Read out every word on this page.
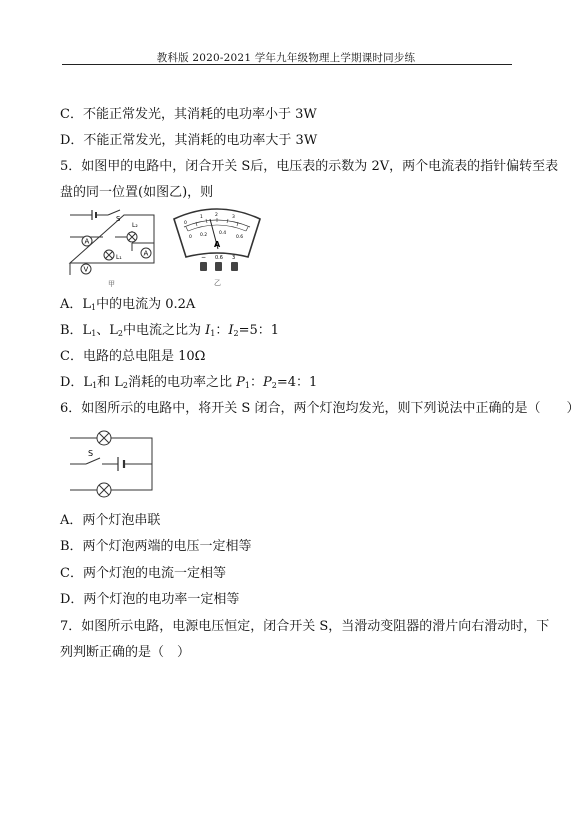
教科版 2020-2021 学年九年级物理上学期课时同步练
C．不能正常发光，其消耗的电功率小于 3W
D．不能正常发光，其消耗的电功率大于 3W
5．如图甲的电路中，闭合开关 S后，电压表的示数为 2V，两个电流表的指针偏转至表
盘的同一位置(如图乙)，则
S
A
L₁
L₂
A
V
甲
0
1	2	3
0 0.2	0.4
0.6
A
− 0.6 3
乙
A．$L_1$中的电流为 0.2A
B．$L_1$、$L_2$中电流之比为 $I_1$：$I_2=5$：1
C．电路的总电阻是 10Ω
D．$L_1$和 $L_2$消耗的电功率之比 $P_1$：$P_2=4$：1
6．如图所示的电路中，将开关 S 闭合，两个灯泡均发光，则下列说法中正确的是（　　）
S
A．两个灯泡串联
B．两个灯泡两端的电压一定相等
C．两个灯泡的电流一定相等
D．两个灯泡的电功率一定相等
7．如图所示电路，电源电压恒定，闭合开关 S，当滑动变阻器的滑片向右滑动时，下
列判断正确的是（　）
